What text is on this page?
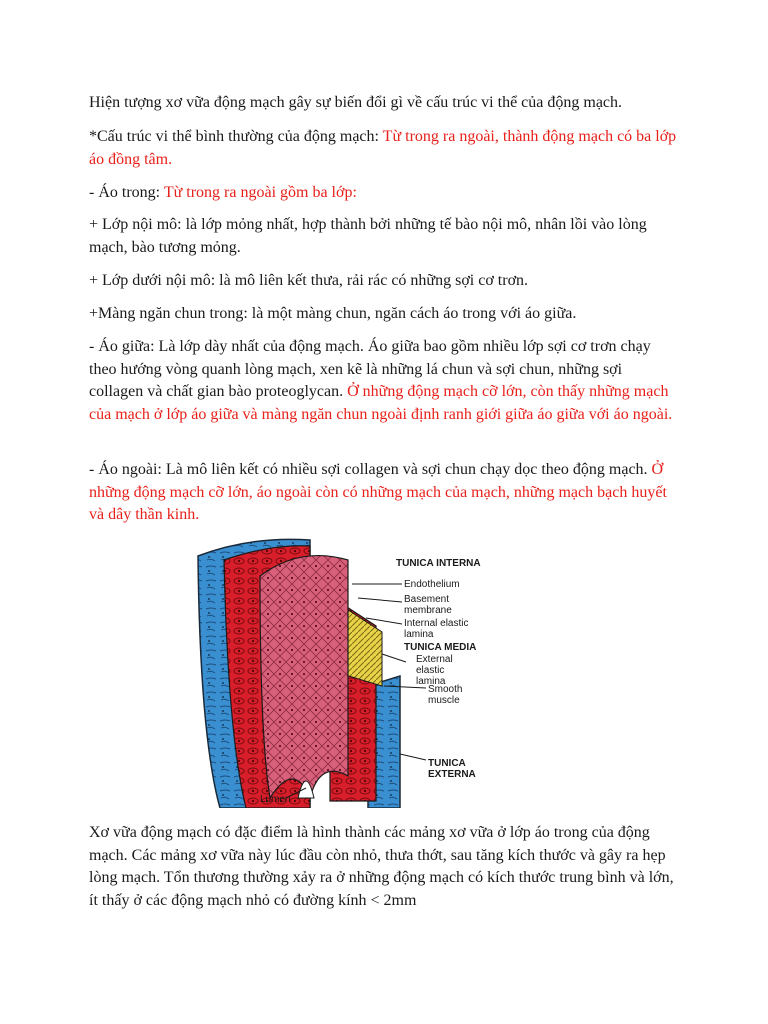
Hiện tượng xơ vữa động mạch gây sự biến đổi gì về cấu trúc vi thể của động mạch.

*Cấu trúc vi thể bình thường của động mạch: Từ trong ra ngoài, thành động mạch có ba lớp áo đồng tâm.

- Áo trong: Từ trong ra ngoài gồm ba lớp:

+ Lớp nội mô: là lớp mỏng nhất, hợp thành bởi những tế bào nội mô, nhân lồi vào lòng mạch, bào tương mỏng.

+ Lớp dưới nội mô: là mô liên kết thưa, rải rác có những sợi cơ trơn.

+Màng ngăn chun trong: là một màng chun, ngăn cách áo trong với áo giữa.

- Áo giữa: Là lớp dày nhất của động mạch. Áo giữa bao gồm nhiều lớp sợi cơ trơn chạy theo hướng vòng quanh lòng mạch, xen kẽ là những lá chun và sợi chun, những sợi collagen và chất gian bào proteoglycan. Ở những động mạch cỡ lớn, còn thấy những mạch của mạch ở lớp áo giữa và màng ngăn chun ngoài định ranh giới giữa áo giữa với áo ngoài.

- Áo ngoài: Là mô liên kết có nhiều sợi collagen và sợi chun chạy dọc theo động mạch. Ở những động mạch cỡ lớn, áo ngoài còn có những mạch của mạch, những mạch bạch huyết và dây thần kinh.

TUNICA INTERNA
Endothelium
Basement membrane
Internal elastic lamina
TUNICA MEDIA
External elastic lamina
Smooth muscle
TUNICA EXTERNA
Lumen

Xơ vữa động mạch có đặc điểm là hình thành các mảng xơ vữa ở lớp áo trong của động mạch. Các mảng xơ vữa này lúc đầu còn nhỏ, thưa thớt, sau tăng kích thước và gây ra hẹp lòng mạch. Tổn thương thường xảy ra ở những động mạch có kích thước trung bình và lớn, ít thấy ở các động mạch nhỏ có đường kính < 2mm
